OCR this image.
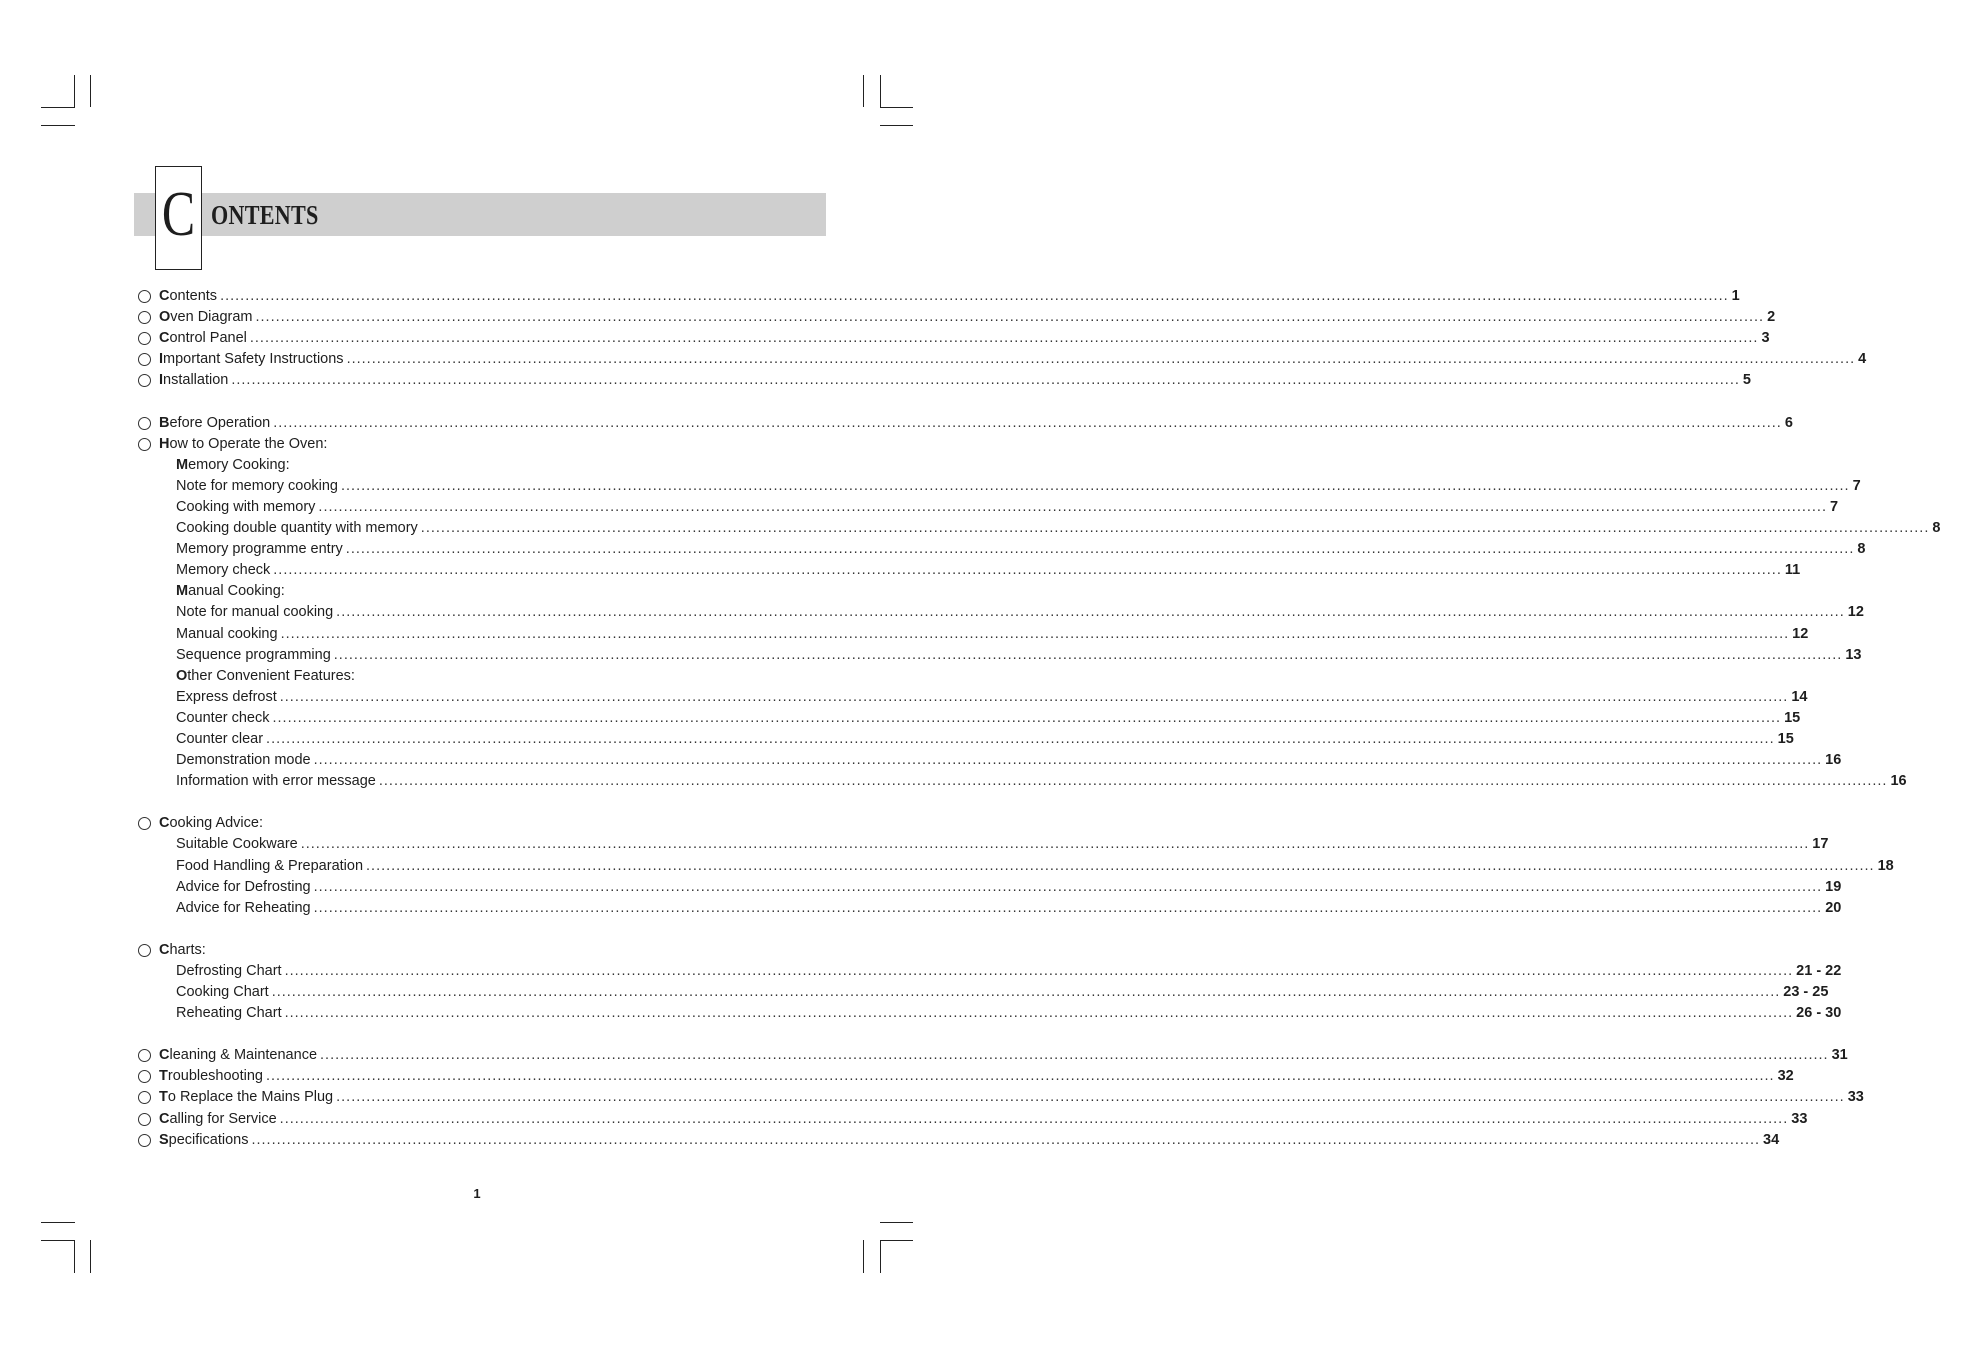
C ONTENTS
Contents ............................................................................................................................................................................................................................................................................................................ 1
Oven Diagram ............................................................................................................................................................................................................................................................................................................ 2
Control Panel ............................................................................................................................................................................................................................................................................................................ 3
Important Safety Instructions ............................................................................................................................................................................................................................................................................................................ 4
Installation ............................................................................................................................................................................................................................................................................................................ 5
Before Operation ............................................................................................................................................................................................................................................................................................................ 6
How to Operate the Oven:
Memory Cooking:
Note for memory cooking ............................................................................................................................................................................................................................................................................................................ 7
Cooking with memory ............................................................................................................................................................................................................................................................................................................ 7
Cooking double quantity with memory ............................................................................................................................................................................................................................................................................................................ 8
Memory programme entry ............................................................................................................................................................................................................................................................................................................ 8
Memory check ............................................................................................................................................................................................................................................................................................................ 11
Manual Cooking:
Note for manual cooking ............................................................................................................................................................................................................................................................................................................ 12
Manual cooking ............................................................................................................................................................................................................................................................................................................ 12
Sequence programming ............................................................................................................................................................................................................................................................................................................ 13
Other Convenient Features:
Express defrost ............................................................................................................................................................................................................................................................................................................ 14
Counter check ............................................................................................................................................................................................................................................................................................................ 15
Counter clear ............................................................................................................................................................................................................................................................................................................ 15
Demonstration mode ............................................................................................................................................................................................................................................................................................................ 16
Information with error message ............................................................................................................................................................................................................................................................................................................ 16
Cooking Advice:
Suitable Cookware ............................................................................................................................................................................................................................................................................................................ 17
Food Handling & Preparation ............................................................................................................................................................................................................................................................................................................ 18
Advice for Defrosting ............................................................................................................................................................................................................................................................................................................ 19
Advice for Reheating ............................................................................................................................................................................................................................................................................................................ 20
Charts:
Defrosting Chart ............................................................................................................................................................................................................................................................................................................ 21 - 22
Cooking Chart ............................................................................................................................................................................................................................................................................................................ 23 - 25
Reheating Chart ............................................................................................................................................................................................................................................................................................................ 26 - 30
Cleaning & Maintenance ............................................................................................................................................................................................................................................................................................................ 31
Troubleshooting ............................................................................................................................................................................................................................................................................................................ 32
To Replace the Mains Plug ............................................................................................................................................................................................................................................................................................................ 33
Calling for Service ............................................................................................................................................................................................................................................................................................................ 33
Specifications ............................................................................................................................................................................................................................................................................................................ 34
1
